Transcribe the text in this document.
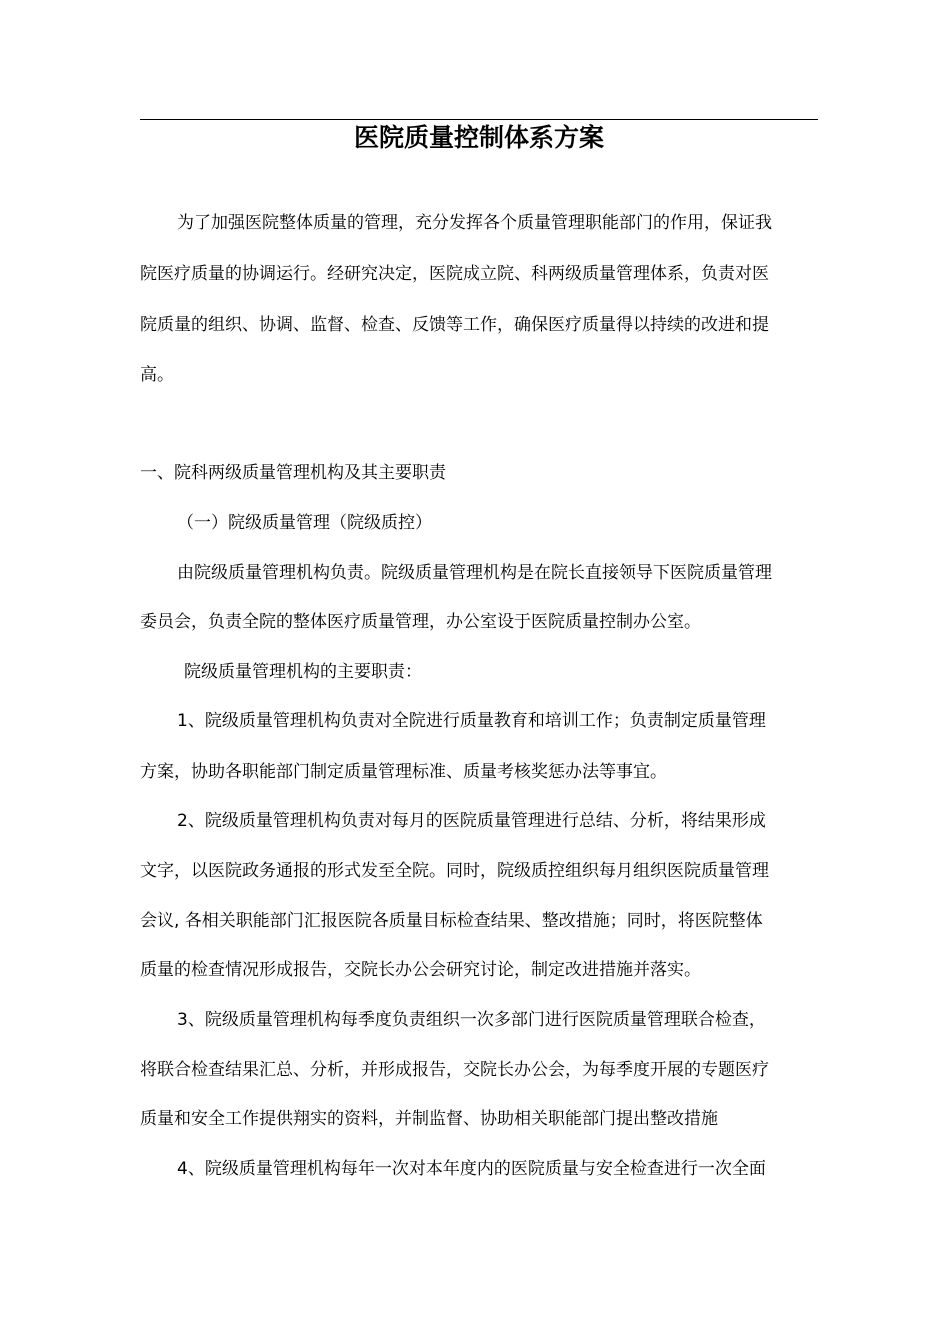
医院质量控制体系方案

为了加强医院整体质量的管理，充分发挥各个质量管理职能部门的作用，保证我

院医疗质量的协调运行。经研究决定，医院成立院、科两级质量管理体系，负责对医

院质量的组织、协调、监督、检查、反馈等工作，确保医疗质量得以持续的改进和提

高。

一、院科两级质量管理机构及其主要职责

（一）院级质量管理（院级质控）

由院级质量管理机构负责。院级质量管理机构是在院长直接领导下医院质量管理

委员会，负责全院的整体医疗质量管理，办公室设于医院质量控制办公室。

院级质量管理机构的主要职责：

1、院级质量管理机构负责对全院进行质量教育和培训工作；负责制定质量管理

方案，协助各职能部门制定质量管理标准、质量考核奖惩办法等事宜。

2、院级质量管理机构负责对每月的医院质量管理进行总结、分析，将结果形成

文字，以医院政务通报的形式发至全院。同时，院级质控组织每月组织医院质量管理

会议, 各相关职能部门汇报医院各质量目标检查结果、整改措施；同时，将医院整体

质量的检查情况形成报告，交院长办公会研究讨论，制定改进措施并落实。

3、院级质量管理机构每季度负责组织一次多部门进行医院质量管理联合检查，

将联合检查结果汇总、分析，并形成报告，交院长办公会，为每季度开展的专题医疗

质量和安全工作提供翔实的资料，并制监督、协助相关职能部门提出整改措施

4、院级质量管理机构每年一次对本年度内的医院质量与安全检查进行一次全面
